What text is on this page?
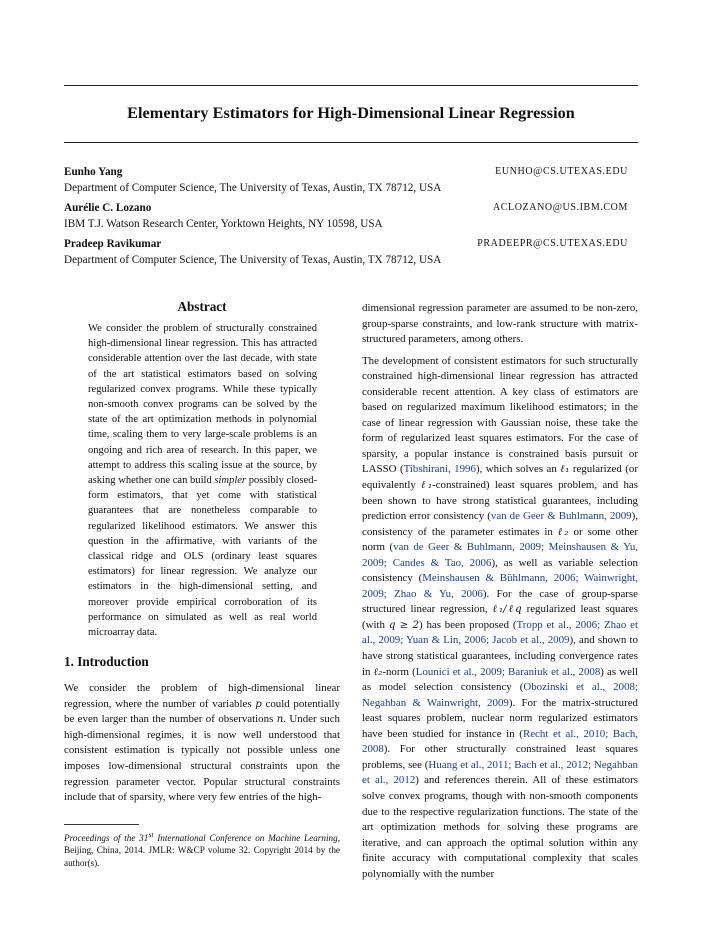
Elementary Estimators for High-Dimensional Linear Regression
Eunho Yang	EUNHO@CS.UTEXAS.EDU
Department of Computer Science, The University of Texas, Austin, TX 78712, USA
Aurélie C. Lozano	ACLOZANO@US.IBM.COM
IBM T.J. Watson Research Center, Yorktown Heights, NY 10598, USA
Pradeep Ravikumar	PRADEEPR@CS.UTEXAS.EDU
Department of Computer Science, The University of Texas, Austin, TX 78712, USA
Abstract
We consider the problem of structurally constrained high-dimensional linear regression. This has attracted considerable attention over the last decade, with state of the art statistical estimators based on solving regularized convex programs. While these typically non-smooth convex programs can be solved by the state of the art optimization methods in polynomial time, scaling them to very large-scale problems is an ongoing and rich area of research. In this paper, we attempt to address this scaling issue at the source, by asking whether one can build simpler possibly closed-form estimators, that yet come with statistical guarantees that are nonetheless comparable to regularized likelihood estimators. We answer this question in the affirmative, with variants of the classical ridge and OLS (ordinary least squares estimators) for linear regression. We analyze our estimators in the high-dimensional setting, and moreover provide empirical corroboration of its performance on simulated as well as real world microarray data.
1. Introduction
We consider the problem of high-dimensional linear regression, where the number of variables p could potentially be even larger than the number of observations n. Under such high-dimensional regimes, it is now well understood that consistent estimation is typically not possible unless one imposes low-dimensional structural constraints upon the regression parameter vector. Popular structural constraints include that of sparsity, where very few entries of the high-
Proceedings of the 31st International Conference on Machine Learning, Beijing, China, 2014. JMLR: W&CP volume 32. Copyright 2014 by the author(s).

dimensional regression parameter are assumed to be non-zero, group-sparse constraints, and low-rank structure with matrix-structured parameters, among others.

The development of consistent estimators for such structurally constrained high-dimensional linear regression has attracted considerable recent attention. A key class of estimators are based on regularized maximum likelihood estimators; in the case of linear regression with Gaussian noise, these take the form of regularized least squares estimators. For the case of sparsity, a popular instance is constrained basis pursuit or LASSO (Tibshirani, 1996), which solves an ℓ₁ regularized (or equivalently ℓ₁-constrained) least squares problem, and has been shown to have strong statistical guarantees, including prediction error consistency (van de Geer & Buhlmann, 2009), consistency of the parameter estimates in ℓ₂ or some other norm (van de Geer & Buhlmann, 2009; Meinshausen & Yu, 2009; Candes & Tao, 2006), as well as variable selection consistency (Meinshausen & Bühlmann, 2006; Wainwright, 2009; Zhao & Yu, 2006). For the case of group-sparse structured linear regression, ℓ₁/ℓq regularized least squares (with q ≥ 2) has been proposed (Tropp et al., 2006; Zhao et al., 2009; Yuan & Lin, 2006; Jacob et al., 2009), and shown to have strong statistical guarantees, including convergence rates in ℓ₂-norm (Lounici et al., 2009; Baraniuk et al., 2008) as well as model selection consistency (Obozinski et al., 2008; Negahban & Wainwright, 2009). For the matrix-structured least squares problem, nuclear norm regularized estimators have been studied for instance in (Recht et al., 2010; Bach, 2008). For other structurally constrained least squares problems, see (Huang et al., 2011; Bach et al., 2012; Negahban et al., 2012) and references therein. All of these estimators solve convex programs, though with non-smooth components due to the respective regularization functions. The state of the art optimization methods for solving these programs are iterative, and can approach the optimal solution within any finite accuracy with computational complexity that scales polynomially with the number
